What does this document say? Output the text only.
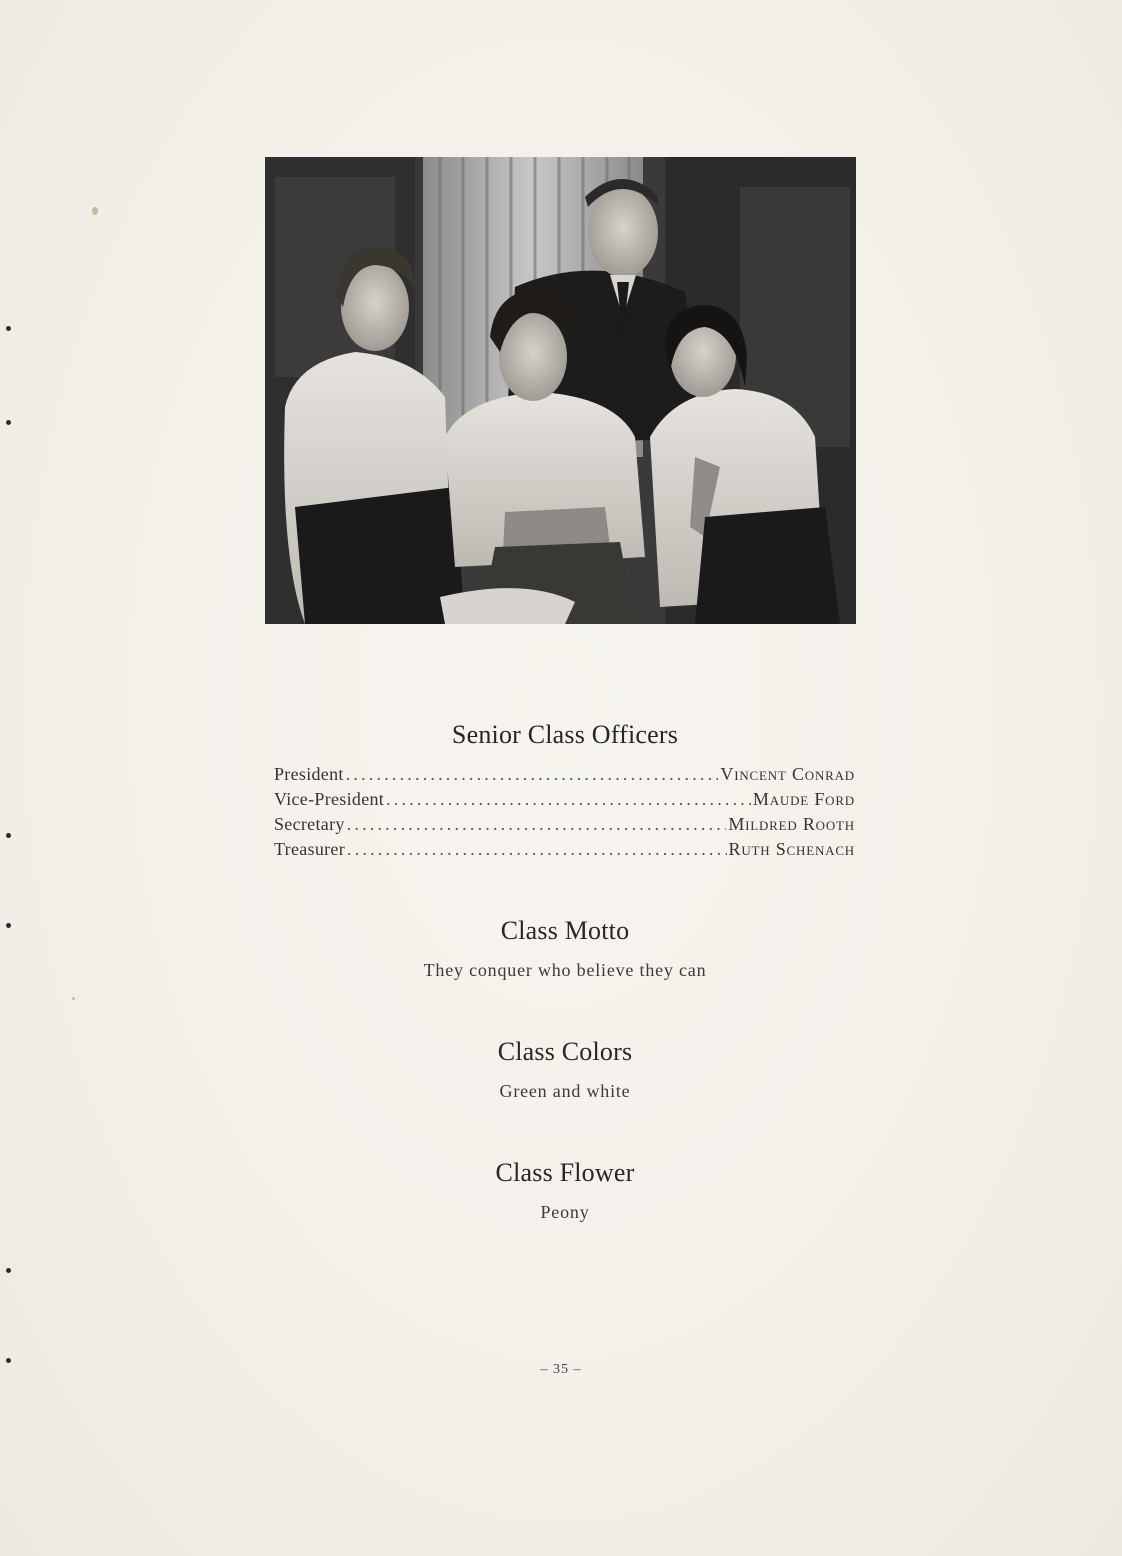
Senior Class Officers
President .....	Vincent Conrad
Vice-President .....	Maude Ford
Secretary .....	Mildred Rooth
Treasurer .....	Ruth Schenach
Class Motto
They conquer who believe they can
Class Colors
Green and white
Class Flower
Peony
– 35 –
